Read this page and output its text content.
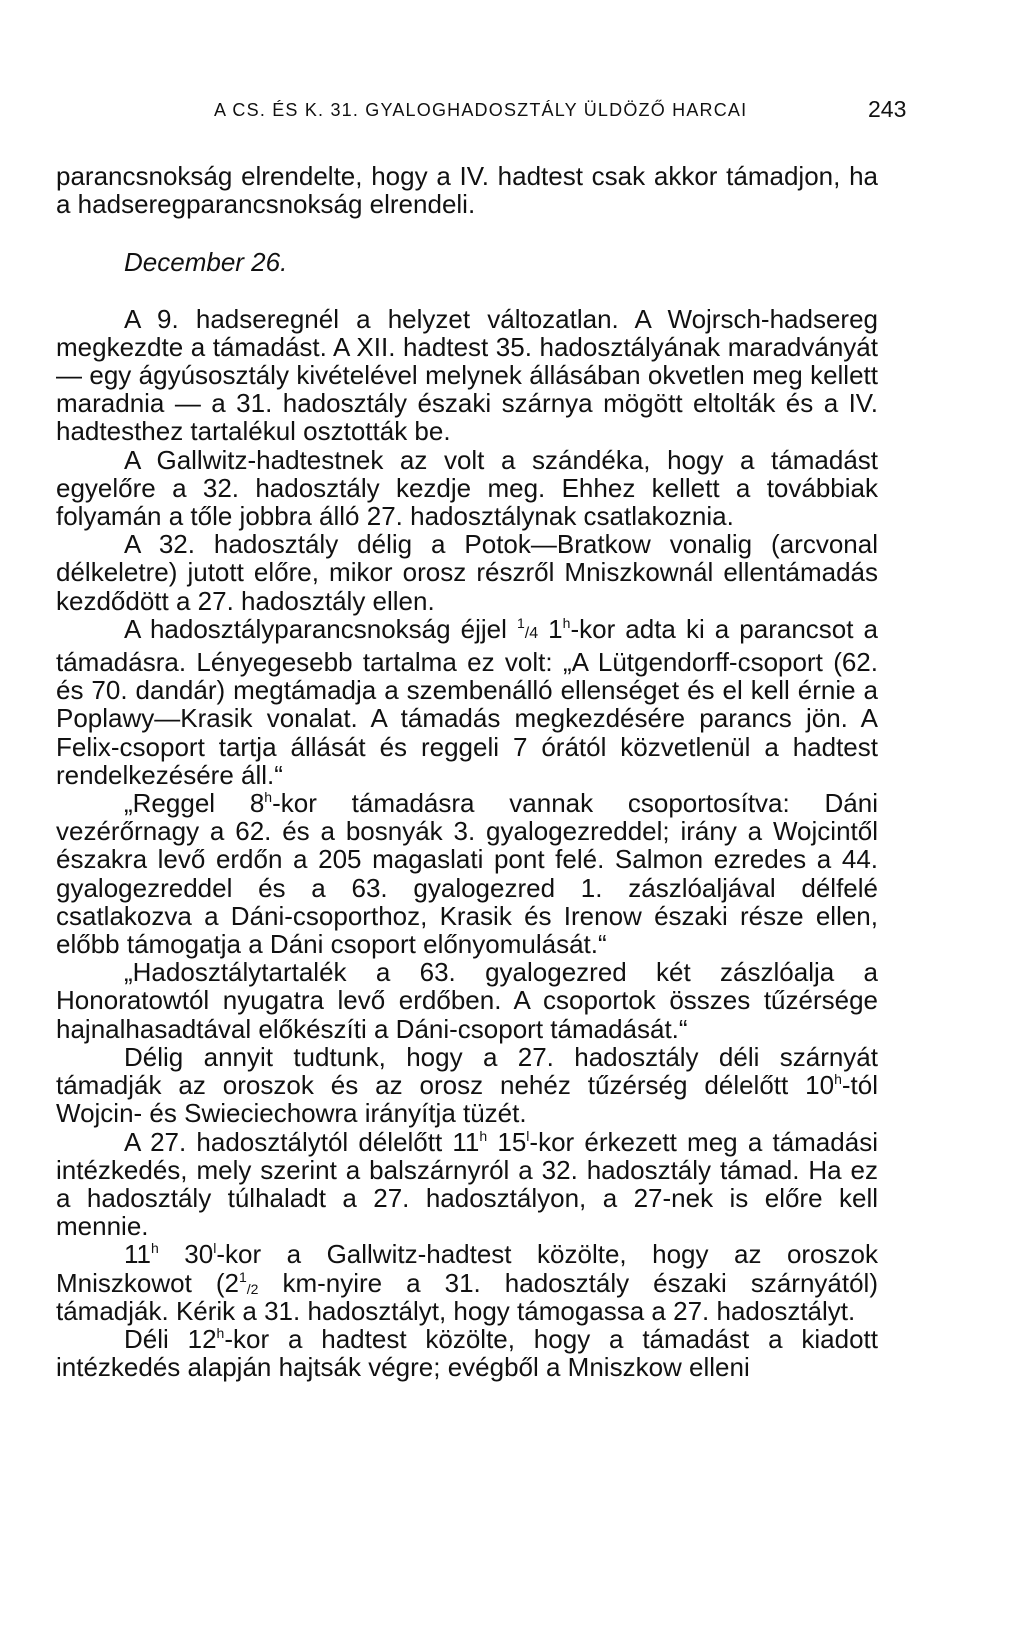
A CS. ÉS K. 31. GYALOGHADOSZTÁLY ÜLDÖZŐ HARCAI	243

parancsnokság elrendelte, hogy a IV. hadtest csak akkor támadjon, ha a hadseregparancsnokság elrendeli.

December 26.

A 9. hadseregnél a helyzet változatlan. A Wojrsch-hadsereg megkezdte a támadást. A XII. hadtest 35. hadosztályának maradványát — egy ágyúsosztály kivételével melynek állásában okvetlen meg kellett maradnia — a 31. hadosztály északi szárnya mögött eltolták és a IV. hadtesthez tartalékul osztották be.

A Gallwitz-hadtestnek az volt a szándéka, hogy a támadást egyelőre a 32. hadosztály kezdje meg. Ehhez kellett a továbbiak folyamán a tőle jobbra álló 27. hadosztálynak csatlakoznia.

A 32. hadosztály délig a Potok—Bratkow vonalig (arcvonal délkeletre) jutott előre, mikor orosz részről Mniszkownál ellentámadás kezdődött a 27. hadosztály ellen.

A hadosztályparancsnokság éjjel $^1$/4 1$^h$-kor adta ki a parancsot a támadásra. Lényegesebb tartalma ez volt: „A Lütgendorff-csoport (62. és 70. dandár) megtámadja a szembenálló ellenséget és el kell érnie a Poplawy—Krasik vonalat. A támadás megkezdésére parancs jön. A Felix-csoport tartja állását és reggeli 7 órától közvetlenül a hadtest rendelkezésére áll.“

„Reggel 8$^h$-kor támadásra vannak csoportosítva: Dáni vezérőrnagy a 62. és a bosnyák 3. gyalogezreddel; irány a Wojcintől északra levő erdőn a 205 magaslati pont felé. Salmon ezredes a 44. gyalogezreddel és a 63. gyalogezred 1. zászlóaljával délfelé csatlakozva a Dáni-csoporthoz, Krasik és Irenow északi része ellen, előbb támogatja a Dáni csoport előnyomulását.“

„Hadosztálytartalék a 63. gyalogezred két zászlóalja a Honoratowtól nyugatra levő erdőben. A csoportok összes tűzérsége hajnalhasadtával előkészíti a Dáni-csoport támadását.“

Délig annyit tudtunk, hogy a 27. hadosztály déli szárnyát támadják az oroszok és az orosz nehéz tűzérség délelőtt 10$^h$-tól Wojcin- és Swieciechowra irányítja tüzét.

A 27. hadosztálytól délelőtt 11$^h$ 15$^l$-kor érkezett meg a támadási intézkedés, mely szerint a balszárnyról a 32. hadosztály támad. Ha ez a hadosztály túlhaladt a 27. hadosztályon, a 27-nek is előre kell mennie.

11$^h$ 30$^l$-kor a Gallwitz-hadtest közölte, hogy az oroszok Mniszkowot ($2^1_{/2}$ km-nyire a 31. hadosztály északi szárnyától) támadják. Kérik a 31. hadosztályt, hogy támogassa a 27. hadosztályt.

Déli 12$^h$-kor a hadtest közölte, hogy a támadást a kiadott intézkedés alapján hajtsák végre; evégből a Mniszkow elleni
